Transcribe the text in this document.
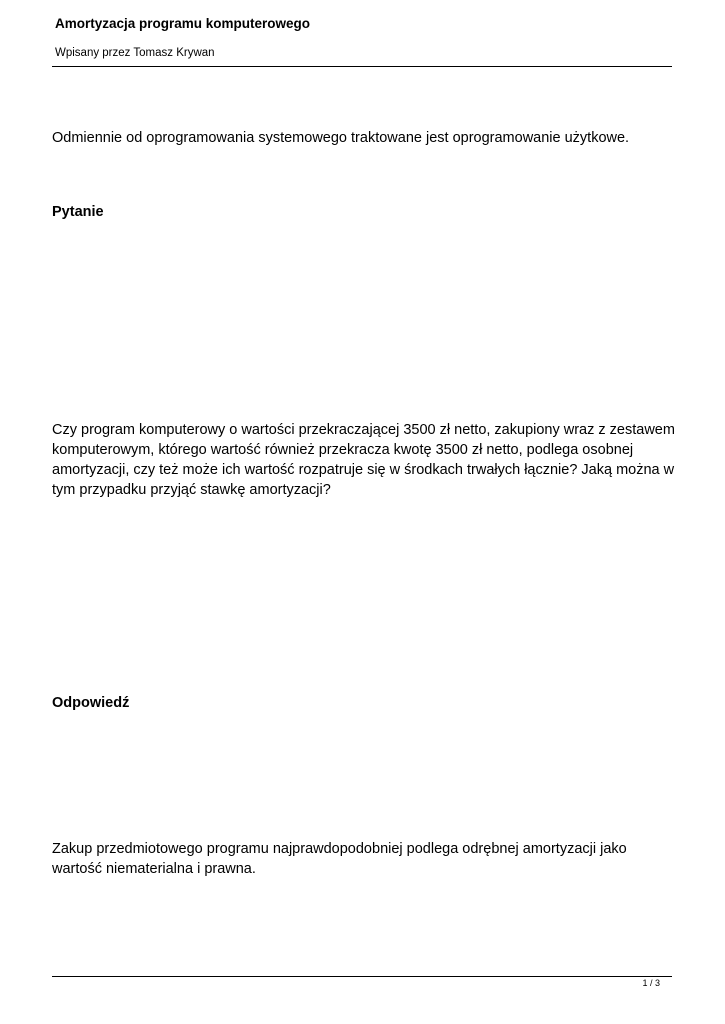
Amortyzacja programu komputerowego
Wpisany przez Tomasz Krywan

Odmiennie od oprogramowania systemowego traktowane jest oprogramowanie użytkowe.

Pytanie

Czy program komputerowy o wartości przekraczającej 3500 zł netto, zakupiony wraz z zestawem komputerowym, którego wartość również przekracza kwotę 3500 zł netto, podlega osobnej amortyzacji, czy też może ich wartość rozpatruje się w środkach trwałych łącznie? Jaką można w tym przypadku przyjąć stawkę amortyzacji?

Odpowiedź

Zakup przedmiotowego programu najprawdopodobniej podlega odrębnej amortyzacji jako wartość niematerialna i prawna.

1 / 3
